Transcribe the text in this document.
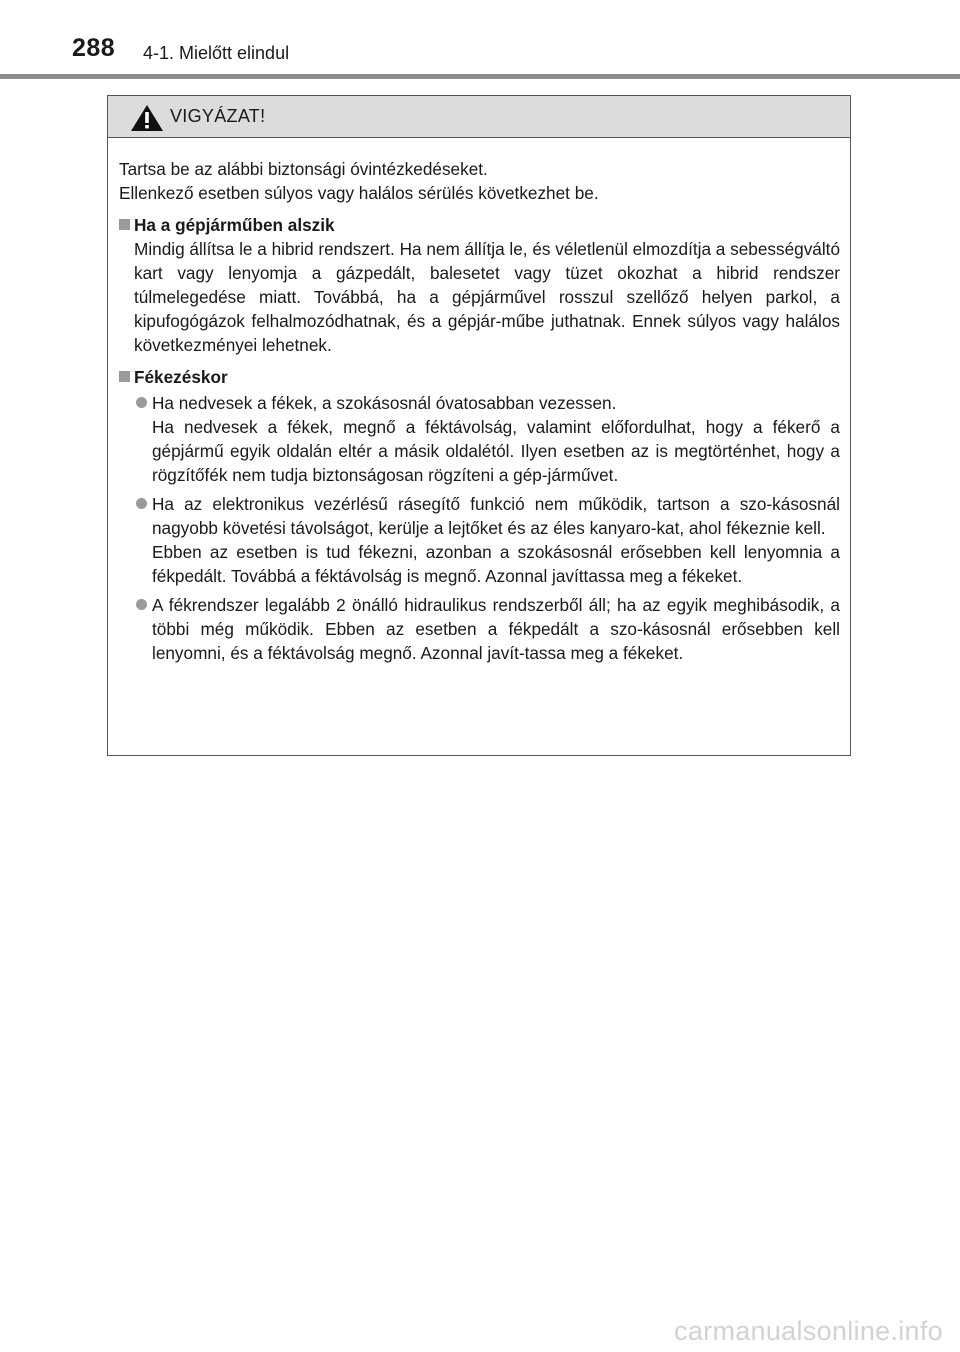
288 4-1. Mielőtt elindul
VIGYÁZAT!

Tartsa be az alábbi biztonsági óvintézkedéseket.

Ellenkező esetben súlyos vagy halálos sérülés következhet be.

Ha a gépjárműben alszik

Mindig állítsa le a hibrid rendszert. Ha nem állítja le, és véletlenül elmozdítja a sebességváltó kart vagy lenyomja a gázpedált, balesetet vagy tüzet okozhat a hibrid rendszer túlmelegedése miatt. Továbbá, ha a gépjárművel rosszul szellőző helyen parkol, a kipufogógázok felhalmozódhatnak, és a gépjár-műbe juthatnak. Ennek súlyos vagy halálos következményei lehetnek.

Fékezéskor

Ha nedvesek a fékek, a szokásosnál óvatosabban vezessen.

Ha nedvesek a fékek, megnő a féktávolság, valamint előfordulhat, hogy a fékerő a gépjármű egyik oldalán eltér a másik oldalétól. Ilyen esetben az is megtörténhet, hogy a rögzítőfék nem tudja biztonságosan rögzíteni a gép-járművet.

Ha az elektronikus vezérlésű rásegítő funkció nem működik, tartson a szo-kásosnál nagyobb követési távolságot, kerülje a lejtőket és az éles kanyaro-kat, ahol fékeznie kell.

Ebben az esetben is tud fékezni, azonban a szokásosnál erősebben kell lenyomnia a fékpedált. Továbbá a féktávolság is megnő. Azonnal javíttassa meg a fékeket.

A fékrendszer legalább 2 önálló hidraulikus rendszerből áll; ha az egyik meghibásodik, a többi még működik. Ebben az esetben a fékpedált a szo-kásosnál erősebben kell lenyomni, és a féktávolság megnő. Azonnal javít-tassa meg a fékeket.

carmanualsonline.info
